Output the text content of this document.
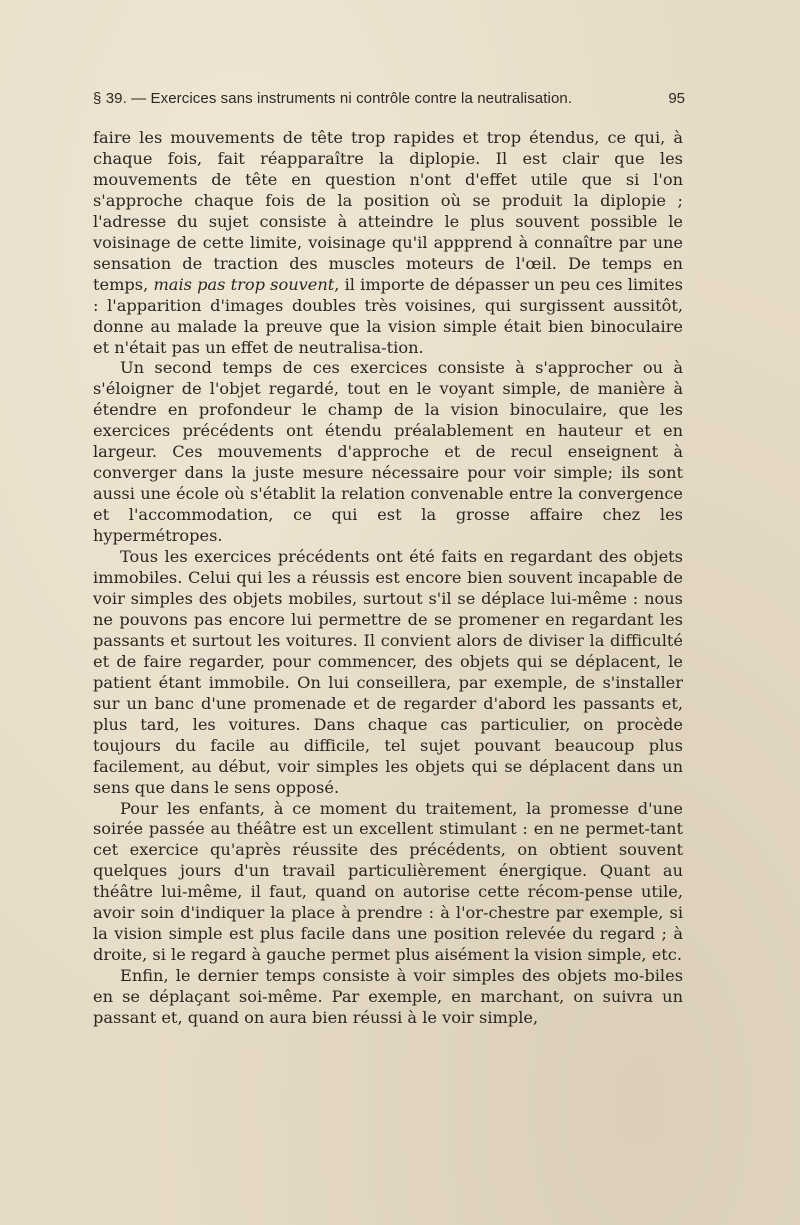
§ 39. — Exercices sans instruments ni contrôle contre la neutralisation.	95

faire les mouvements de tête trop rapides et trop étendus, ce qui, à chaque fois, fait réapparaître la diplopie. Il est clair que les mouvements de tête en question n'ont d'effet utile que si l'on s'approche chaque fois de la position où se produit la diplopie ; l'adresse du sujet consiste à atteindre le plus souvent possible le voisinage de cette limite, voisinage qu'il appprend à connaître par une sensation de traction des muscles moteurs de l'œil. De temps en temps, mais pas trop souvent, il importe de dépasser un peu ces limites : l'apparition d'images doubles très voisines, qui surgissent aussitôt, donne au malade la preuve que la vision simple était bien binoculaire et n'était pas un effet de neutralisa-tion.

Un second temps de ces exercices consiste à s'approcher ou à s'éloigner de l'objet regardé, tout en le voyant simple, de manière à étendre en profondeur le champ de la vision binoculaire, que les exercices précédents ont étendu préalablement en hauteur et en largeur. Ces mouvements d'approche et de recul enseignent à converger dans la juste mesure nécessaire pour voir simple; ils sont aussi une école où s'établit la relation convenable entre la convergence et l'accommodation, ce qui est la grosse affaire chez les hypermétropes.

Tous les exercices précédents ont été faits en regardant des objets immobiles. Celui qui les a réussis est encore bien souvent incapable de voir simples des objets mobiles, surtout s'il se déplace lui-même : nous ne pouvons pas encore lui permettre de se promener en regardant les passants et surtout les voitures. Il convient alors de diviser la difficulté et de faire regarder, pour commencer, des objets qui se déplacent, le patient étant immobile. On lui conseillera, par exemple, de s'installer sur un banc d'une promenade et de regarder d'abord les passants et, plus tard, les voitures. Dans chaque cas particulier, on procède toujours du facile au difficile, tel sujet pouvant beaucoup plus facilement, au début, voir simples les objets qui se déplacent dans un sens que dans le sens opposé.

Pour les enfants, à ce moment du traitement, la promesse d'une soirée passée au théâtre est un excellent stimulant : en ne permet-tant cet exercice qu'après réussite des précédents, on obtient souvent quelques jours d'un travail particulièrement énergique. Quant au théâtre lui-même, il faut, quand on autorise cette récom-pense utile, avoir soin d'indiquer la place à prendre : à l'or-chestre par exemple, si la vision simple est plus facile dans une position relevée du regard ; à droite, si le regard à gauche permet plus aisément la vision simple, etc.

Enfin, le dernier temps consiste à voir simples des objets mo-biles en se déplaçant soi-même. Par exemple, en marchant, on suivra un passant et, quand on aura bien réussi à le voir simple,
